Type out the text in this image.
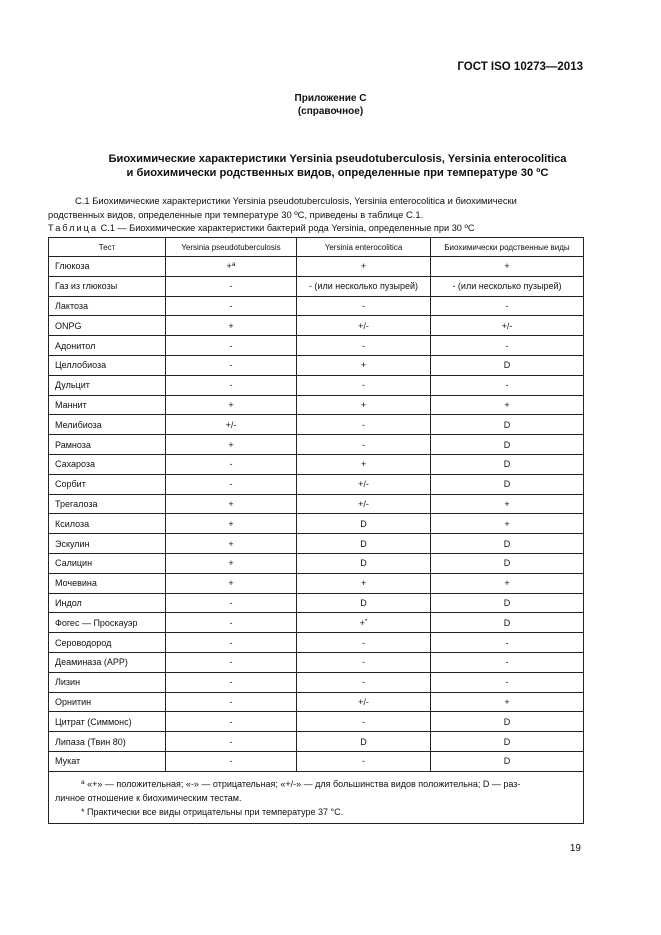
ГОСТ ISO 10273—2013
Приложение С
(справочное)
Биохимические характеристики Yersinia pseudotuberculosis, Yersinia enterocolitica
и биохимически родственных видов, определенные при температуре 30 ºС
С.1 Биохимические характеристики Yersinia pseudotuberculosis, Yersinia enterocolitica и биохимически
родственных видов, определенные при температуре 30 ºС, приведены в таблице С.1.
Таблица С.1 — Биохимические характеристики бактерий рода Yersinia, определенные при 30 ºС
Тест	Yersinia pseudotuberculosis	Yersinia enterocolitica	Биохимически родственные виды
Глюкоза	+$^а$	+	+
Газ из глюкозы	-	- (или несколько пузырей)	- (или несколько пузырей)
Лактоза	-	-	-
ONPG	+	+/-	+/-
Адонитол	-	-	-
Целлобиоза	-	+	D
Дульцит	-	-	-
Маннит	+	+	+
Мелибиоза	+/-	-	D
Рамноза	+	-	D
Сахароза	-	+	D
Сорбит	-	+/-	D
Трегалоза	+	+/-	+
Ксилоза	+	D	+
Эскулин	+	D	D
Салицин	+	D	D
Мочевина	+	+	+
Индол	-	D	D
Фогес — Проскауэр	-	+*	D
Сероводород	-	-	-
Деаминаза (APP)	-	-	-
Лизин	-	-	-
Орнитин	-	+/-	+
Цитрат (Симмонс)	-	-	D
Липаза (Твин 80)	-	D	D
Мукат	-	-	D

$^а$ «+» — положительная; «-» — отрицательная; «+/-» — для большинства видов положительна; D — раз-
личное отношение к биохимическим тестам.
* Практически все виды отрицательны при температуре 37 °С.			
19
